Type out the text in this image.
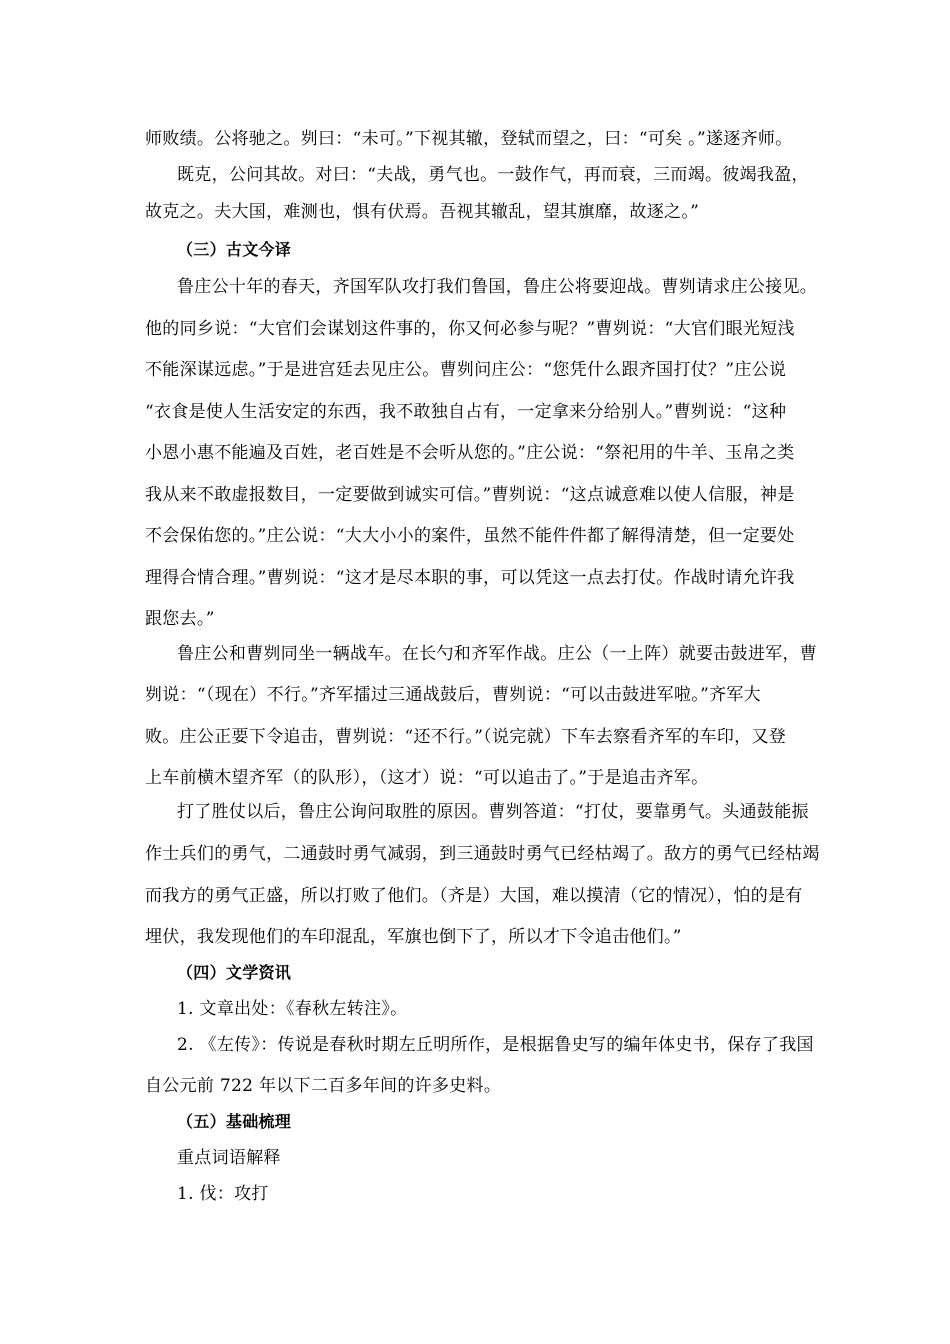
师败绩。公将驰之。刿曰：“未可。”下视其辙，登轼而望之，曰：“可矣 。”遂逐齐师。
既克，公问其故。对曰：“夫战，勇气也。一鼓作气，再而衰，三而竭。彼竭我盈，
故克之。夫大国，难测也，惧有伏焉。吾视其辙乱，望其旗靡，故逐之。”
（三）古文今译
鲁庄公十年的春天，齐国军队攻打我们鲁国，鲁庄公将要迎战。曹刿请求庄公接见。
他的同乡说：“大官们会谋划这件事的，你又何必参与呢？”曹刿说：“大官们眼光短浅
不能深谋远虑。”于是进宫廷去见庄公。曹刿问庄公：“您凭什么跟齐国打仗？”庄公说
“衣食是使人生活安定的东西，我不敢独自占有，一定拿来分给别人。”曹刿说：“这种
小恩小惠不能遍及百姓，老百姓是不会听从您的。”庄公说：“祭祀用的牛羊、玉帛之类
我从来不敢虚报数目，一定要做到诚实可信。”曹刿说：“这点诚意难以使人信服，神是
不会保佑您的。”庄公说：“大大小小的案件，虽然不能件件都了解得清楚，但一定要处
理得合情合理。”曹刿说：“这才是尽本职的事，可以凭这一点去打仗。作战时请允许我
跟您去。”
鲁庄公和曹刿同坐一辆战车。在长勺和齐军作战。庄公（一上阵）就要击鼓进军，曹
刿说：“（现在）不行。”齐军擂过三通战鼓后，曹刿说：“可以击鼓进军啦。”齐军大
败。庄公正要下令追击，曹刿说：“还不行。”（说完就）下车去察看齐军的车印，又登
上车前横木望齐军（的队形），（这才）说：“可以追击了。”于是追击齐军。
打了胜仗以后，鲁庄公询问取胜的原因。曹刿答道：“打仗，要靠勇气。头通鼓能振
作士兵们的勇气，二通鼓时勇气减弱，到三通鼓时勇气已经枯竭了。敌方的勇气已经枯竭
而我方的勇气正盛，所以打败了他们。（齐是）大国，难以摸清（它的情况），怕的是有
埋伏，我发现他们的车印混乱，军旗也倒下了，所以才下令追击他们。”
（四）文学资讯
1. 文章出处：《春秋左转注》。
2. 《左传》：传说是春秋时期左丘明所作，是根据鲁史写的编年体史书，保存了我国
自公元前 722 年以下二百多年间的许多史料。
（五）基础梳理
重点词语解释
1. 伐：攻打
